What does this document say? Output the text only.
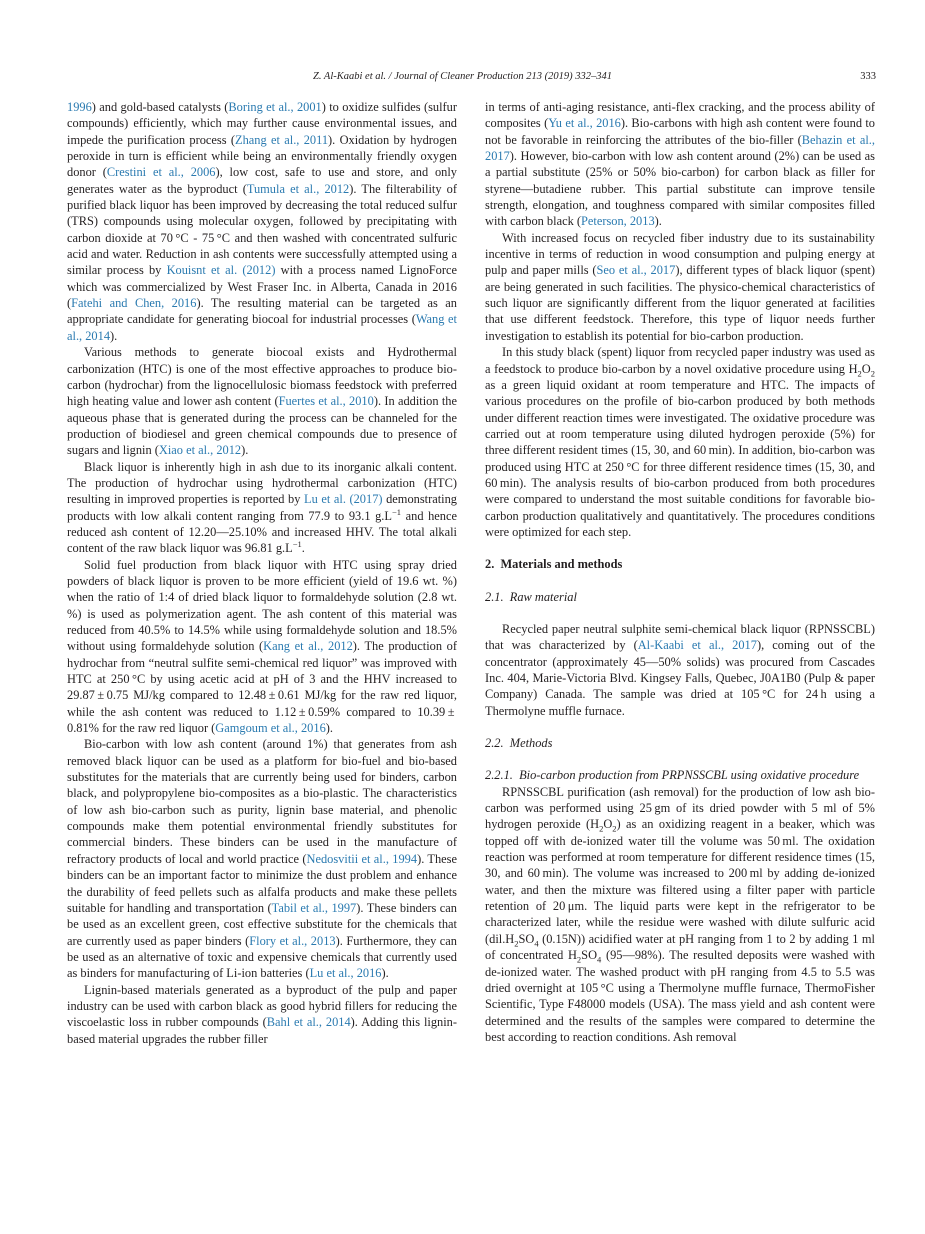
Z. Al-Kaabi et al. / Journal of Cleaner Production 213 (2019) 332–341	333

1996) and gold-based catalysts (Boring et al., 2001) to oxidize sulfides (sulfur compounds) efficiently, which may further cause environmental issues, and impede the purification process (Zhang et al., 2011). Oxidation by hydrogen peroxide in turn is efficient while being an environmentally friendly oxygen donor (Crestini et al., 2006), low cost, safe to use and store, and only generates water as the byproduct (Tumula et al., 2012). The filterability of purified black liquor has been improved by decreasing the total reduced sulfur (TRS) compounds using molecular oxygen, followed by precipitating with carbon dioxide at 70 °C - 75 °C and then washed with concentrated sulfuric acid and water. Reduction in ash contents were successfully attempted using a similar process by Kouisnt et al. (2012) with a process named LignoForce which was commercialized by West Fraser Inc. in Alberta, Canada in 2016 (Fatehi and Chen, 2016). The resulting material can be targeted as an appropriate candidate for generating biocoal for industrial processes (Wang et al., 2014).

Various methods to generate biocoal exists and Hydrothermal carbonization (HTC) is one of the most effective approaches to produce bio-carbon (hydrochar) from the lignocellulosic biomass feedstock with preferred high heating value and lower ash content (Fuertes et al., 2010). In addition the aqueous phase that is generated during the process can be channeled for the production of biodiesel and green chemical compounds due to presence of sugars and lignin (Xiao et al., 2012).

Black liquor is inherently high in ash due to its inorganic alkali content. The production of hydrochar using hydrothermal carbonization (HTC) resulting in improved properties is reported by Lu et al. (2017) demonstrating products with low alkali content ranging from 77.9 to 93.1 $g.L^{-1}$ and hence reduced ash content of 12.20—25.10% and increased HHV. The total alkali content of the raw black liquor was 96.81 $g.L^{-1}$.

Solid fuel production from black liquor with HTC using spray dried powders of black liquor is proven to be more efficient (yield of 19.6 wt. %) when the ratio of 1:4 of dried black liquor to formaldehyde solution (2.8 wt. %) is used as polymerization agent. The ash content of this material was reduced from 40.5% to 14.5% while using formaldehyde solution and 18.5% without using formaldehyde solution (Kang et al., 2012). The production of hydrochar from “neutral sulfite semi-chemical red liquor” was improved with HTC at 250 °C by using acetic acid at pH of 3 and the HHV increased to 29.87 ± 0.75 MJ/kg compared to 12.48 ± 0.61 MJ/kg for the raw red liquor, while the ash content was reduced to 1.12 ± 0.59% compared to 10.39 ± 0.81% for the raw red liquor (Gamgoum et al., 2016).

Bio-carbon with low ash content (around 1%) that generates from ash removed black liquor can be used as a platform for bio-fuel and bio-based substitutes for the materials that are currently being used for binders, carbon black, and polypropylene bio-composites as a bio-plastic. The characteristics of low ash bio-carbon such as purity, lignin base material, and phenolic compounds make them potential environmental friendly substitutes for commercial binders. These binders can be used in the manufacture of refractory products of local and world practice (Nedosvitii et al., 1994). These binders can be an important factor to minimize the dust problem and enhance the durability of feed pellets such as alfalfa products and make these pellets suitable for handling and transportation (Tabil et al., 1997). These binders can be used as an excellent green, cost effective substitute for the chemicals that are currently used as paper binders (Flory et al., 2013). Furthermore, they can be used as an alternative of toxic and expensive chemicals that currently used as binders for manufacturing of Li-ion batteries (Lu et al., 2016).

Lignin-based materials generated as a byproduct of the pulp and paper industry can be used with carbon black as good hybrid fillers for reducing the viscoelastic loss in rubber compounds (Bahl et al., 2014). Adding this lignin-based material upgrades the rubber filler

in terms of anti-aging resistance, anti-flex cracking, and the process ability of composites (Yu et al., 2016). Bio-carbons with high ash content were found to not be favorable in reinforcing the attributes of the bio-filler (Behazin et al., 2017). However, bio-carbon with low ash content around (2%) can be used as a partial substitute (25% or 50% bio-carbon) for carbon black as filler for styrene—butadiene rubber. This partial substitute can improve tensile strength, elongation, and toughness compared with similar composites filled with carbon black (Peterson, 2013).

With increased focus on recycled fiber industry due to its sustainability incentive in terms of reduction in wood consumption and pulping energy at pulp and paper mills (Seo et al., 2017), different types of black liquor (spent) are being generated in such facilities. The physico-chemical characteristics of such liquor are significantly different from the liquor generated at facilities that use different feedstock. Therefore, this type of liquor needs further investigation to establish its potential for bio-carbon production.

In this study black (spent) liquor from recycled paper industry was used as a feedstock to produce bio-carbon by a novel oxidative procedure using $H_2O_2$ as a green liquid oxidant at room temperature and HTC. The impacts of various procedures on the profile of bio-carbon produced by both methods under different reaction times were investigated. The oxidative procedure was carried out at room temperature using diluted hydrogen peroxide (5%) for three different resident times (15, 30, and 60 min). In addition, bio-carbon was produced using HTC at 250 °C for three different residence times (15, 30, and 60 min). The analysis results of bio-carbon produced from both procedures were compared to understand the most suitable conditions for favorable bio-carbon production qualitatively and quantitatively. The procedures conditions were optimized for each step.

2. Materials and methods
2.1. Raw material

Recycled paper neutral sulphite semi-chemical black liquor (RPNSSCBL) that was characterized by (Al-Kaabi et al., 2017), coming out of the concentrator (approximately 45—50% solids) was procured from Cascades Inc. 404, Marie-Victoria Blvd. Kingsey Falls, Quebec, J0A1B0 (Pulp & paper Company) Canada. The sample was dried at 105 °C for 24 h using a Thermolyne muffle furnace.

2.2. Methods
2.2.1. Bio-carbon production from PRPNSSCBL using oxidative procedure

RPNSSCBL purification (ash removal) for the production of low ash bio-carbon was performed using 25 gm of its dried powder with 5 ml of 5% hydrogen peroxide $(H_2O_2)$ as an oxidizing reagent in a beaker, which was topped off with de-ionized water till the volume was 50 ml. The oxidation reaction was performed at room temperature for different residence times (15, 30, and 60 min). The volume was increased to 200 ml by adding de-ionized water, and then the mixture was filtered using a filter paper with particle retention of 20 μm. The liquid parts were kept in the refrigerator to be characterized later, while the residue were washed with dilute sulfuric acid ($dil.H_2SO_4$ (0.15N)) acidified water at pH ranging from 1 to 2 by adding 1 ml of concentrated $H_2SO_4$ (95—98%). The resulted deposits were washed with de-ionized water. The washed product with pH ranging from 4.5 to 5.5 was dried overnight at 105 °C using a Thermolyne muffle furnace, ThermoFisher Scientific, Type F48000 models (USA). The mass yield and ash content were determined and the results of the samples were compared to determine the best according to reaction conditions. Ash removal
